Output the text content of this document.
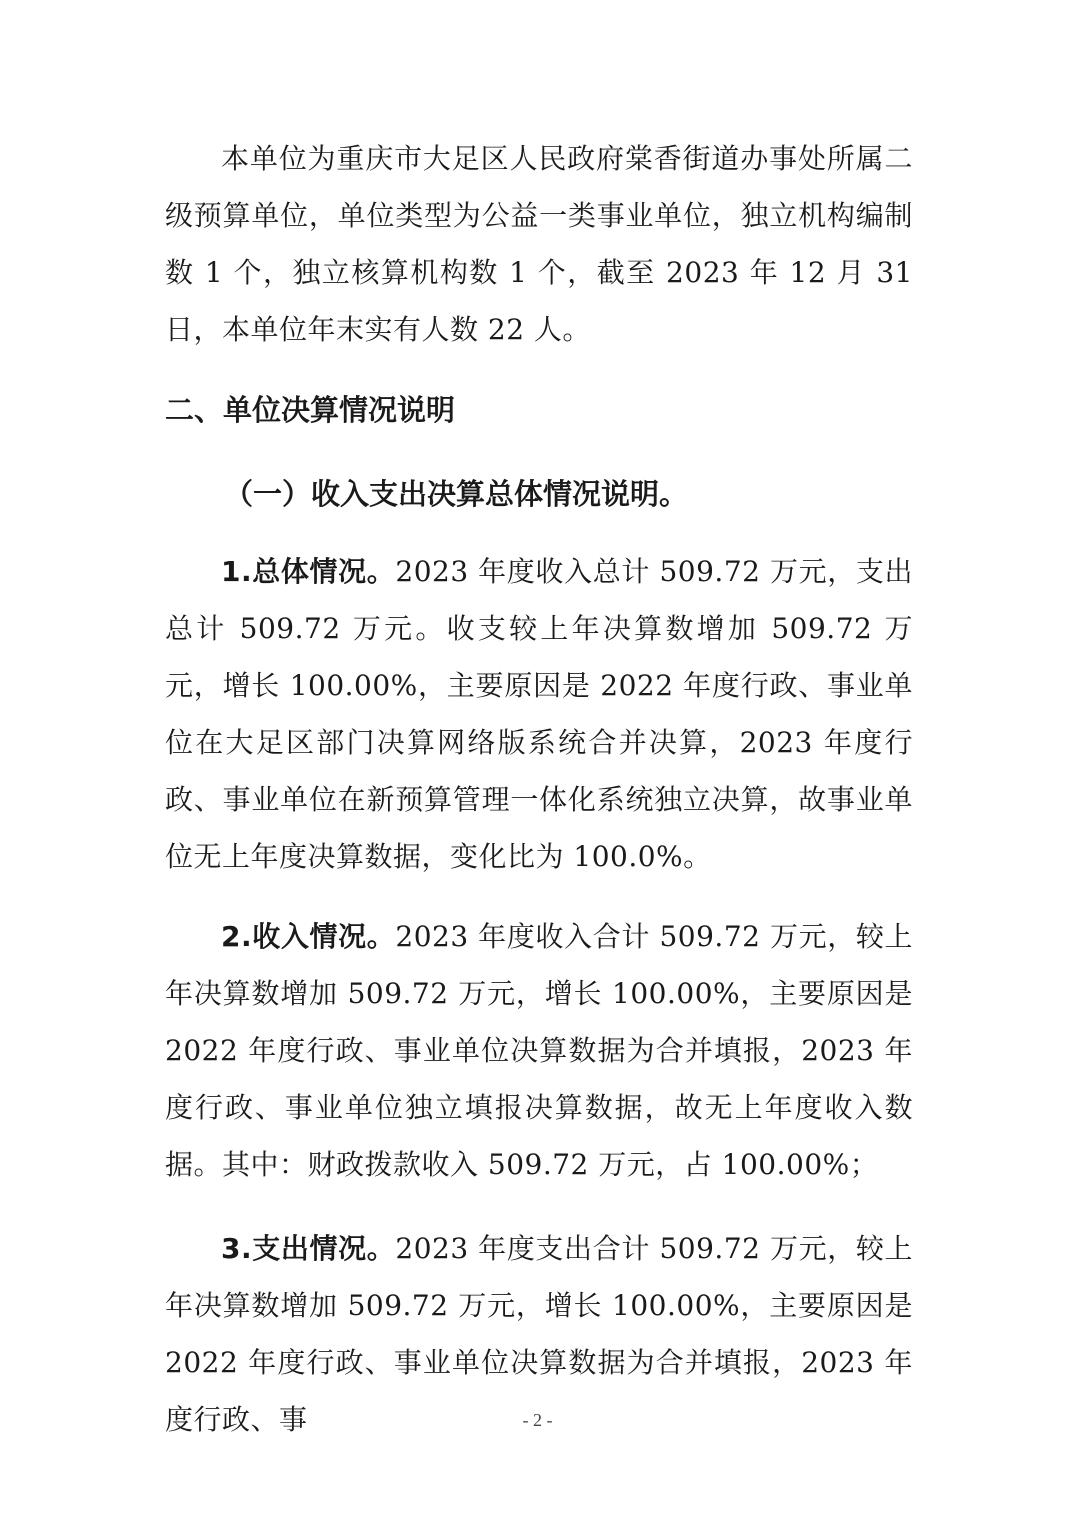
本单位为重庆市大足区人民政府棠香街道办事处所属二级预算单位，单位类型为公益一类事业单位，独立机构编制数 1 个，独立核算机构数 1 个，截至 2023 年 12 月 31 日，本单位年末实有人数 22 人。

二、单位决算情况说明
（一）收入支出决算总体情况说明。

1.总体情况。2023 年度收入总计 509.72 万元，支出总计 509.72 万元。收支较上年决算数增加 509.72 万元，增长 100.00%，主要原因是 2022 年度行政、事业单位在大足区部门决算网络版系统合并决算，2023 年度行政、事业单位在新预算管理一体化系统独立决算，故事业单位无上年度决算数据，变化比为 100.0%。

2.收入情况。2023 年度收入合计 509.72 万元，较上年决算数增加 509.72 万元，增长 100.00%，主要原因是 2022 年度行政、事业单位决算数据为合并填报，2023 年度行政、事业单位独立填报决算数据，故无上年度收入数据。其中：财政拨款收入 509.72 万元，占 100.00%；

3.支出情况。2023 年度支出合计 509.72 万元，较上年决算数增加 509.72 万元，增长 100.00%，主要原因是 2022 年度行政、事业单位决算数据为合并填报，2023 年度行政、事	- 2 -
